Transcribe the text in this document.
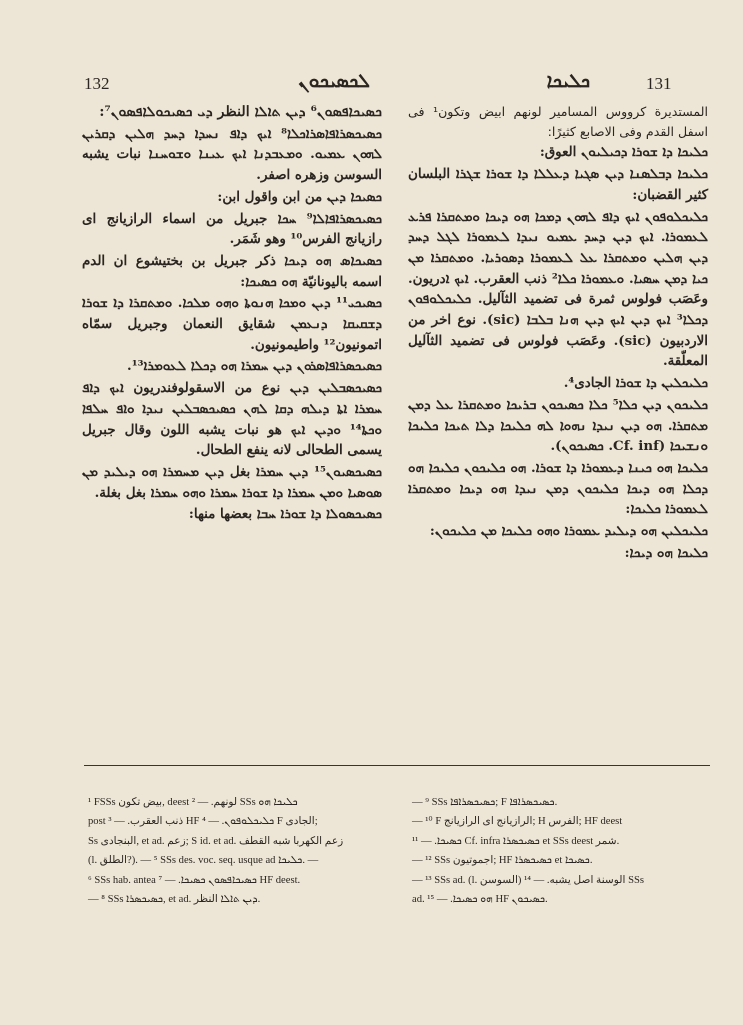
132	ܠܟܣܝܟܘܢ

ܟܣܝܟܐܦܣܘܢ⁶ ܕܝܢ ܬܐܠܐ النظر ܕܝ ܟܣܝܟܘܠܐܦܣܘܢ⁷:

ܟܣܝܟܣܪܐܦܐܣܪܐܟܠܐ⁸ ܐܝܟ ܕܐܦ ܢܚܕܐ ܕܚܕ ܗܠܝܢ ܕܩܪܝܢ ܠܗܘܢ ܥܡܝܘ. ܘܡܥܒܕܢܐ ܐܝܟ ܥܝܢܐ ܘܫܘܚܢܐ نبات يشبه السوسن وزهره اصفر.

ܟܣܝܟܐ ܕܝܢ من ابن واقول ابن:

ܟܣܝܟܣܪܐܦܐܠܐ⁹ ܚܟܐ جبريل من اسماء الرازيانج اى رازيانج الفرس¹⁰ وهو شَمَر.

ܟܣܝܟܐܣ ܗܘ ܕܝܟܐ ذكر جبريل بن بختيشوع ان الدم اسمه باليونانيّة ܗܘ ܟܣܝܟܐ:

ܟܣܝܟܝ¹¹ ܕܝܢ ܘܡܟܐ ܗܢܘܬܐ ܘܗܘ ܡܠܟܐ. ܘܡܬܩܪܐ ܕܐ ܫܘܪܐ ܕܫܩܝܩܐ ܕܢܥܡܢ شقايق النعمان وجبريل سمّاه اتمونيون¹² واطيمونيون.

ܟܣܝܟܣܪܐܦܐܣܪܘܢ ܕܝܢ ܚܡܪܐ ܗܘ ܕܟܠܐ ܠܥܘܡܪܐ¹³.

ܟܣܝܟܣܒܠܝܢ ܕܝܢ نوع من الاسقولوفندريون ܐܝܟ ܕܐܦ ܚܡܪܐ ܐܬܐ ܕܝܠܗ ܕܩܐ ܠܗܢ ܟܣܝܟܣܒܠܝܢ ܢܝܕܐ ܘܐܦ ܚܠܦܐ ܘܟܬܐ¹⁴ ܘܕܝܢ ܐܝܟ هو نبات يشبه اللون وقال جبريل يسمى الطحالى لانه ينفع الطحال.

ܟܣܝܟܣܝܘܢ¹⁵ ܕܝܢ ܚܡܪܐ بغل ܕܝܢ ܡܚܡܪܐ ܗܘ ܕܝܠܝܕ ܡܢ ܣܘܣܝܐ ܘܡܢ ܚܡܪܐ ܕܐ ܫܘܪܐ ܚܡܪܐ ܘܗܘ ܚܡܪܐ بغل بغلة.

ܟܣܝܟܣܘܠܐ ܕܐ ܫܘܪܐ ܚܒܐ بعضها منها:

131
ܟܠܝܟܐ

المستديرة كرووس المسامير لونهم ابيض وتكون¹ فى اسفل القدم وفى الاصابع كثيرًا:

ܟܠܝܟܐ ܕܐ ܫܘܪܐ ܕܟܝܠܝܘܢ العوق:

ܟܠܝܟܐ ܕܒܠܣܢܐ ܕܝܢ ܣܓܝܐ ܕܥܠܠܐ ܕܐ ܫܘܪܐ ܫܓܪܐ البلسان كثير القضبان:

ܟܠܝܟܠܘܦܘܢ ܐܝܟ ܕܐܦ ܠܗܘܢ ܕܡܟܐ ܗܘ ܕܝܟܐ ܘܡܬܩܪܐ ܦܪܥ ܠܥܡܘܪܐ. ܐܝܟ ܕܝܢ ܕܚܕ ܥܡܝܘ ܢܝܕܐ ܠܥܡܘܪܐ ܠܓܠ ܕܚܕ ܕܝܢ ܗܠܝܢ ܘܡܬܩܪܐ ܥܠ ܠܥܡܘܪܐ ܕܣܘܪܝܐ. ܘܡܬܩܪܐ ܡܢ ܟܝܐ ܕܡܢ ܚܣܝܐ. ܘܥܡܘܪܐ ܟܠܐ² ذنب العقرب. ܐܝܟ ܐدريون. وعَصَب فولوس ثمرة فى تضميد الثآليل. ܟܠܝܟܠܘܦܘܢ ܕܟܠܐ³ ܐܝܟ ܕܝܢ ܐܝܟ ܕܝܢ ܗܢܐ ܒܠܒܐ (sic). نوع اخر من الاردبيون (sic). وعَصَب فولوس فى تضميد الثآليل المعلّقة.

ܟܠܝܟܠܝܢ ܕܐ ܫܘܪܐ الجادى⁴.

ܟܠܝܟܘܢ ܕܝܢ ܟܠܐ⁵ ܟܠܐ ܟܣܝܟܘܢ ܒܪܝܟܐ ܘܡܬܩܪܐ ܥܠ ܕܡܢ ܡܬܩܪܐ. ܗܘ ܕܝܢ ܢܝܕܐ ܢܗܘܐ ܠܗ ܟܠܝܟܐ ܕܠܐ ܬܝܟܐ ܟܠܝܟܐ ܘܢܫܝܟܐ (Cf. inf. ܟܣܝܟܘܢ).

ܟܠܝܟܐ ܗܘ ܟܝܢܐ ܕܥܡܘܪܐ ܕܐ ܫܘܪܐ. ܗܘ ܟܠܝܟܘܢ ܟܠܝܟܐ ܗܘ ܕܟܠܐ ܗܘ ܕܝܟܐ ܟܠܝܟܘܢ ܕܡܢ ܢܝܕܐ ܗܘ ܕܝܟܐ ܘܡܬܩܪܐ ܠܥܡܘܪܐ ܟܠܝܟܐ:

ܟܠܝܟܠܝܢ ܗܘ ܕܝܠܝܕ ܥܡܘܪܐ ܘܗܘ ܟܠܝܟܐ ܡܢ ܟܠܝܟܘܢ:

ܟܠܝܟܐ ܗܘ ܕܝܟܐ:

¹ FSSs بيض تكون, deest لونهم. — ² SSs ܟܠܝܟܐ ܗܘ

post ذنب العقرب. — ³ HF ܟܠܝܟܠܘܦܘܢ. — ⁴ F الجادى;

Ss البنجادى, et ad. زعم; S id. et ad. زعم الكهربا شبه القطف

(l. الطلق?). — ⁵ SSs des. voc. seq. usque ad ܟܠܝܟܐ. —

⁶ SSs hab. antea ܟܣܝܟܐܦܣܘܢ ܟܣܝܟܐ. — ⁷ HF deest.

— ⁸ SSs ܟܣܝܟܣܪܐ, et ad. ܕܝܢ ܬܐܠܐ النظر.

— ⁹ SSs ܟܣܝܟܣܪܐܦܐ; F ܟܣܝܟܣܪܐܦܐ.

— ¹⁰ F الرازيانج اى الرازيانج; H الفرس; HF deest

ܟܣܝܟܐ. — ¹¹ Cf. infra ܟܣܝܟܣܪܐ et SSs deest شمر.

— ¹² SSs اجموتيون; HF ܟܣܝܟܣܪܐ et ܟܣܝܟܐ.

— ¹³ SSs ad. (l. السوسن) الوسنة اصل يشبه. — ¹⁴ SSs

ad. ܗܘ ܟܣܝܟܐ. — ¹⁵ HF ܟܣܝܟܘܢ.
